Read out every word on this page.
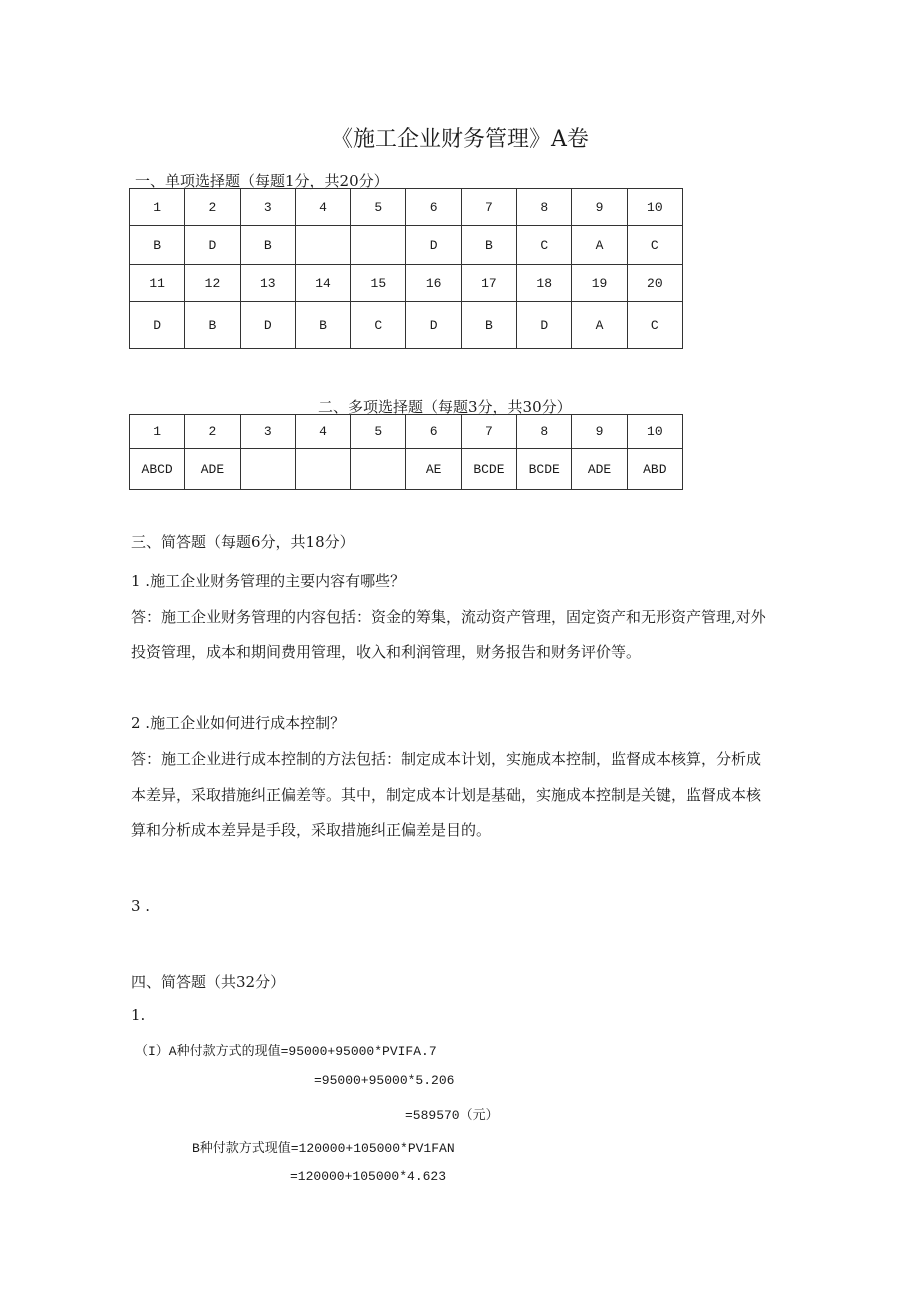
《施工企业财务管理》A卷
一、单项选择题（每题1分，共20分）
1	2	3	4	5	6	7	8	9	10
B	D	B			D	B	C	A	C
11	12	13	14	15	16	17	18	19	20
D	B	D	B	C	D	B	D	A	C
二、多项选择题（每题3分，共30分）
1	2	3	4	5	6	7	8	9	10
ABCD	ADE				AE	BCDE	BCDE	ADE	ABD
三、简答题（每题6分，共18分）
1 .施工企业财务管理的主要内容有哪些？
答：施工企业财务管理的内容包括：资金的筹集，流动资产管理，固定资产和无形资产管理,对外
投资管理，成本和期间费用管理，收入和利润管理，财务报告和财务评价等。
2 .施工企业如何进行成本控制？
答：施工企业进行成本控制的方法包括：制定成本计划，实施成本控制，监督成本核算，分析成
本差异，采取措施纠正偏差等。其中，制定成本计划是基础，实施成本控制是关键，监督成本核
算和分析成本差异是手段，采取措施纠正偏差是目的。
3 .
四、简答题（共32分）
1.
（I）A种付款方式的现值=95000+95000*PVIFA.7
=95000+95000*5.206
=589570（元）
B种付款方式现值=120000+105000*PV1FAN
=120000+105000*4.623
